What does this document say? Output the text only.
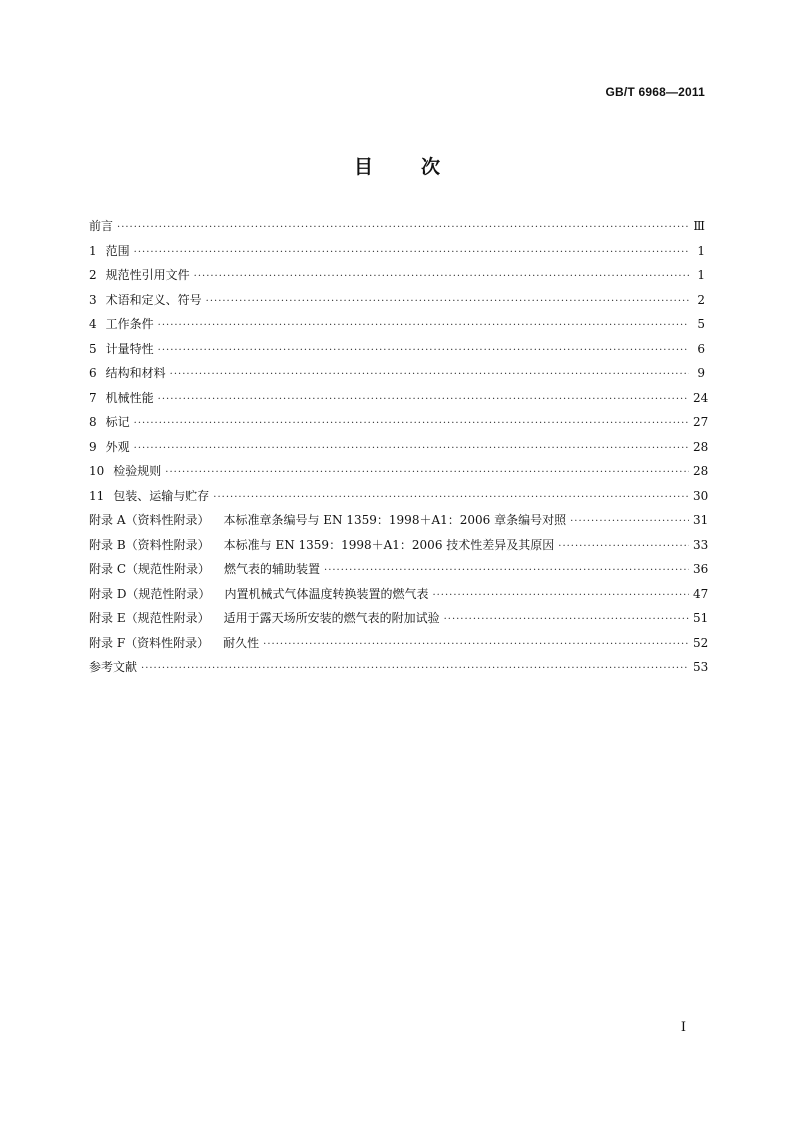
GB/T 6968—2011
目次
前言 ·····	Ⅲ
1 范围 ·····	1
2 规范性引用文件 ·····	1
3 术语和定义、符号 ·····	2
4 工作条件 ·····	5
5 计量特性 ·····	6
6 结构和材料 ·····	9
7 机械性能 ·····	24
8 标记 ·····	27
9 外观 ·····	28
10 检验规则 ·····	28
11 包装、运输与贮存 ·····	30
附录 A（资料性附录） 本标准章条编号与 EN 1359：1998＋A1：2006 章条编号对照 ·····	31
附录 B（资料性附录） 本标准与 EN 1359：1998＋A1：2006 技术性差异及其原因 ·····	33
附录 C（规范性附录） 燃气表的辅助装置 ·····	36
附录 D（规范性附录） 内置机械式气体温度转换装置的燃气表 ·····	47
附录 E（规范性附录） 适用于露天场所安装的燃气表的附加试验 ·····	51
附录 F（资料性附录） 耐久性 ·····	52
参考文献 ·····	53
Ⅰ
